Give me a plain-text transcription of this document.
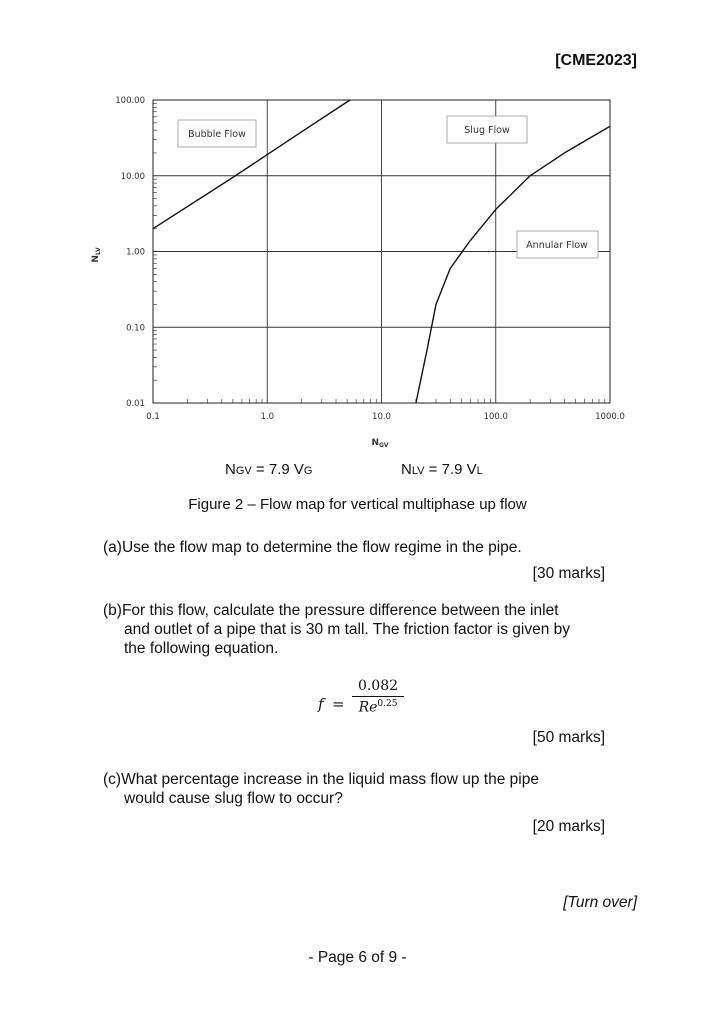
[CME2023]
0.1	1.0	10.0	100.0	1000.0
0.01
0.10
1.00
10.00
100.00
Bubble Flow	Slug Flow
Annular Flow
$N_{GV}$
$N_{LV}$
NGV = 7.9 VG	NLV = 7.9 VL
Figure 2 – Flow map for vertical multiphase up flow
(a)Use the flow map to determine the flow regime in the pipe.
[30 marks]
(b)For this flow, calculate the pressure difference between the inlet
and outlet of a pipe that is 30 m tall. The friction factor is given by
the following equation.
f =
0.082
$Re^{0.25}$
[50 marks]
(c)What percentage increase in the liquid mass flow up the pipe
would cause slug flow to occur?
[20 marks]
[Turn over]
- Page 6 of 9 -
